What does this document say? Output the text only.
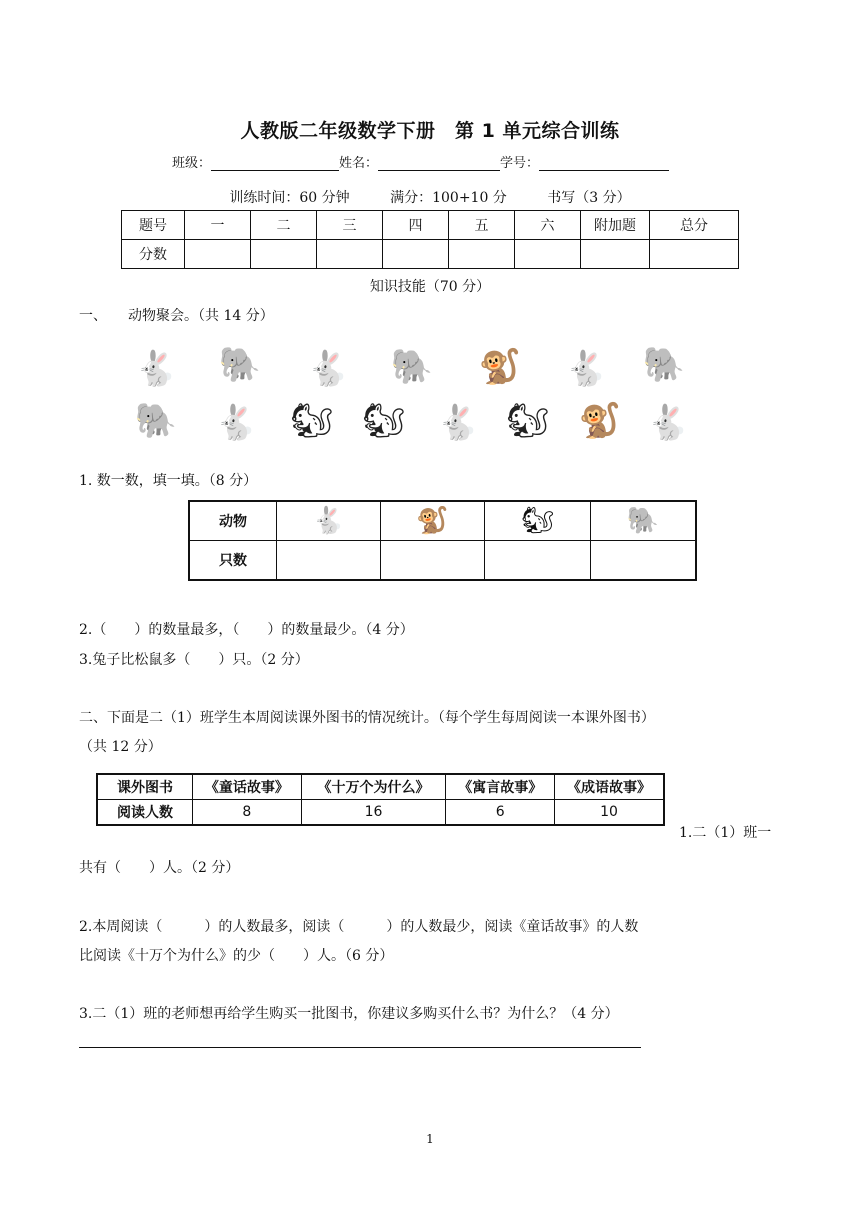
人教版二年级数学下册　第 1 单元综合训练
班级：	姓名：	学号：
训练时间：60 分钟	满分：100+10 分	书写（3 分）
题号	一	二	三	四	五	六	附加题	总分
分数								
知识技能（70 分）
一、　　动物聚会。（共 14 分）
🐇 🐘 🐇 🐘 🐒 🐇 🐘
🐘 🐇 🐿 🐿 🐇 🐿 🐒 🐇
1. 数一数，填一填。（8 分）
动物	🐇	🐒	🐿	🐘
只数				
2.（　　）的数量最多，（　　）的数量最少。（4 分）
3.兔子比松鼠多（　　）只。（2 分）
二、下面是二（1）班学生本周阅读课外图书的情况统计。（每个学生每周阅读一本课外图书）
（共 12 分）
课外图书	《童话故事》	《十万个为什么》	《寓言故事》	《成语故事》
阅读人数	8	16	6	10
1.二（1）班一
共有（　　）人。（2 分）
2.本周阅读（　　　）的人数最多，阅读（　　　）的人数最少，阅读《童话故事》的人数
比阅读《十万个为什么》的少（　　）人。（6 分）
3.二（1）班的老师想再给学生购买一批图书，你建议多购买什么书？为什么？（4 分）
1
